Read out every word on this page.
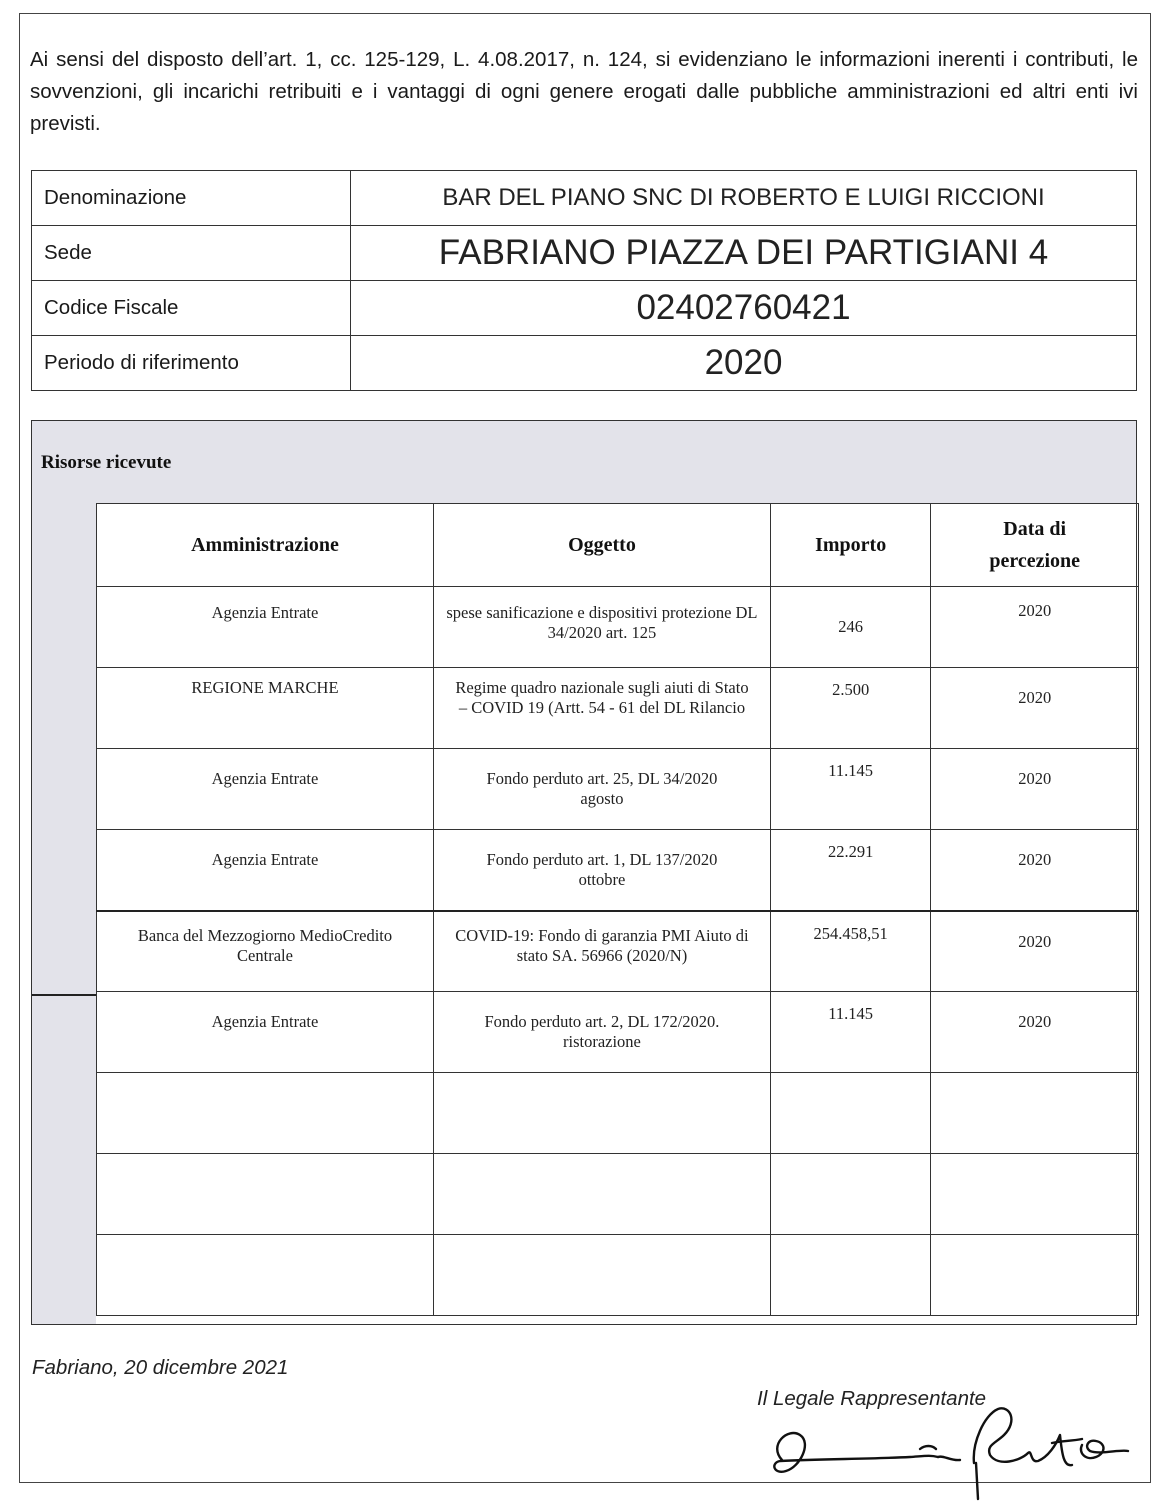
Ai sensi del disposto dell’art. 1, cc. 125-129, L. 4.08.2017, n. 124, si evidenziano le informazioni inerenti i contributi, le sovvenzioni, gli incarichi retribuiti e i vantaggi di ogni genere erogati dalle pubbliche amministrazioni ed altri enti ivi previsti.
Denominazione	BAR DEL PIANO SNC DI ROBERTO E LUIGI RICCIONI
Sede	FABRIANO PIAZZA DEI PARTIGIANI 4
Codice Fiscale	02402760421
Periodo di riferimento	2020
Risorse ricevute
Amministrazione	Oggetto	Importo	Data di
percezione
Agenzia Entrate	spese sanificazione e dispositivi protezione DL 34/2020 art. 125	246	2020
REGIONE MARCHE	Regime quadro nazionale sugli aiuti di Stato – COVID 19 (Artt. 54 - 61 del DL Rilancio	2.500	2020
Agenzia Entrate	Fondo perduto art. 25, DL 34/2020 agosto	11.145	2020
Agenzia Entrate	Fondo perduto art. 1, DL 137/2020 ottobre	22.291	2020
Banca del Mezzogiorno MedioCredito Centrale	COVID-19: Fondo di garanzia PMI Aiuto di stato SA. 56966 (2020/N)	254.458,51	2020
Agenzia Entrate	Fondo perduto art. 2, DL 172/2020. ristorazione	11.145	2020

Fabriano, 20 dicembre 2021
Il Legale Rappresentante
